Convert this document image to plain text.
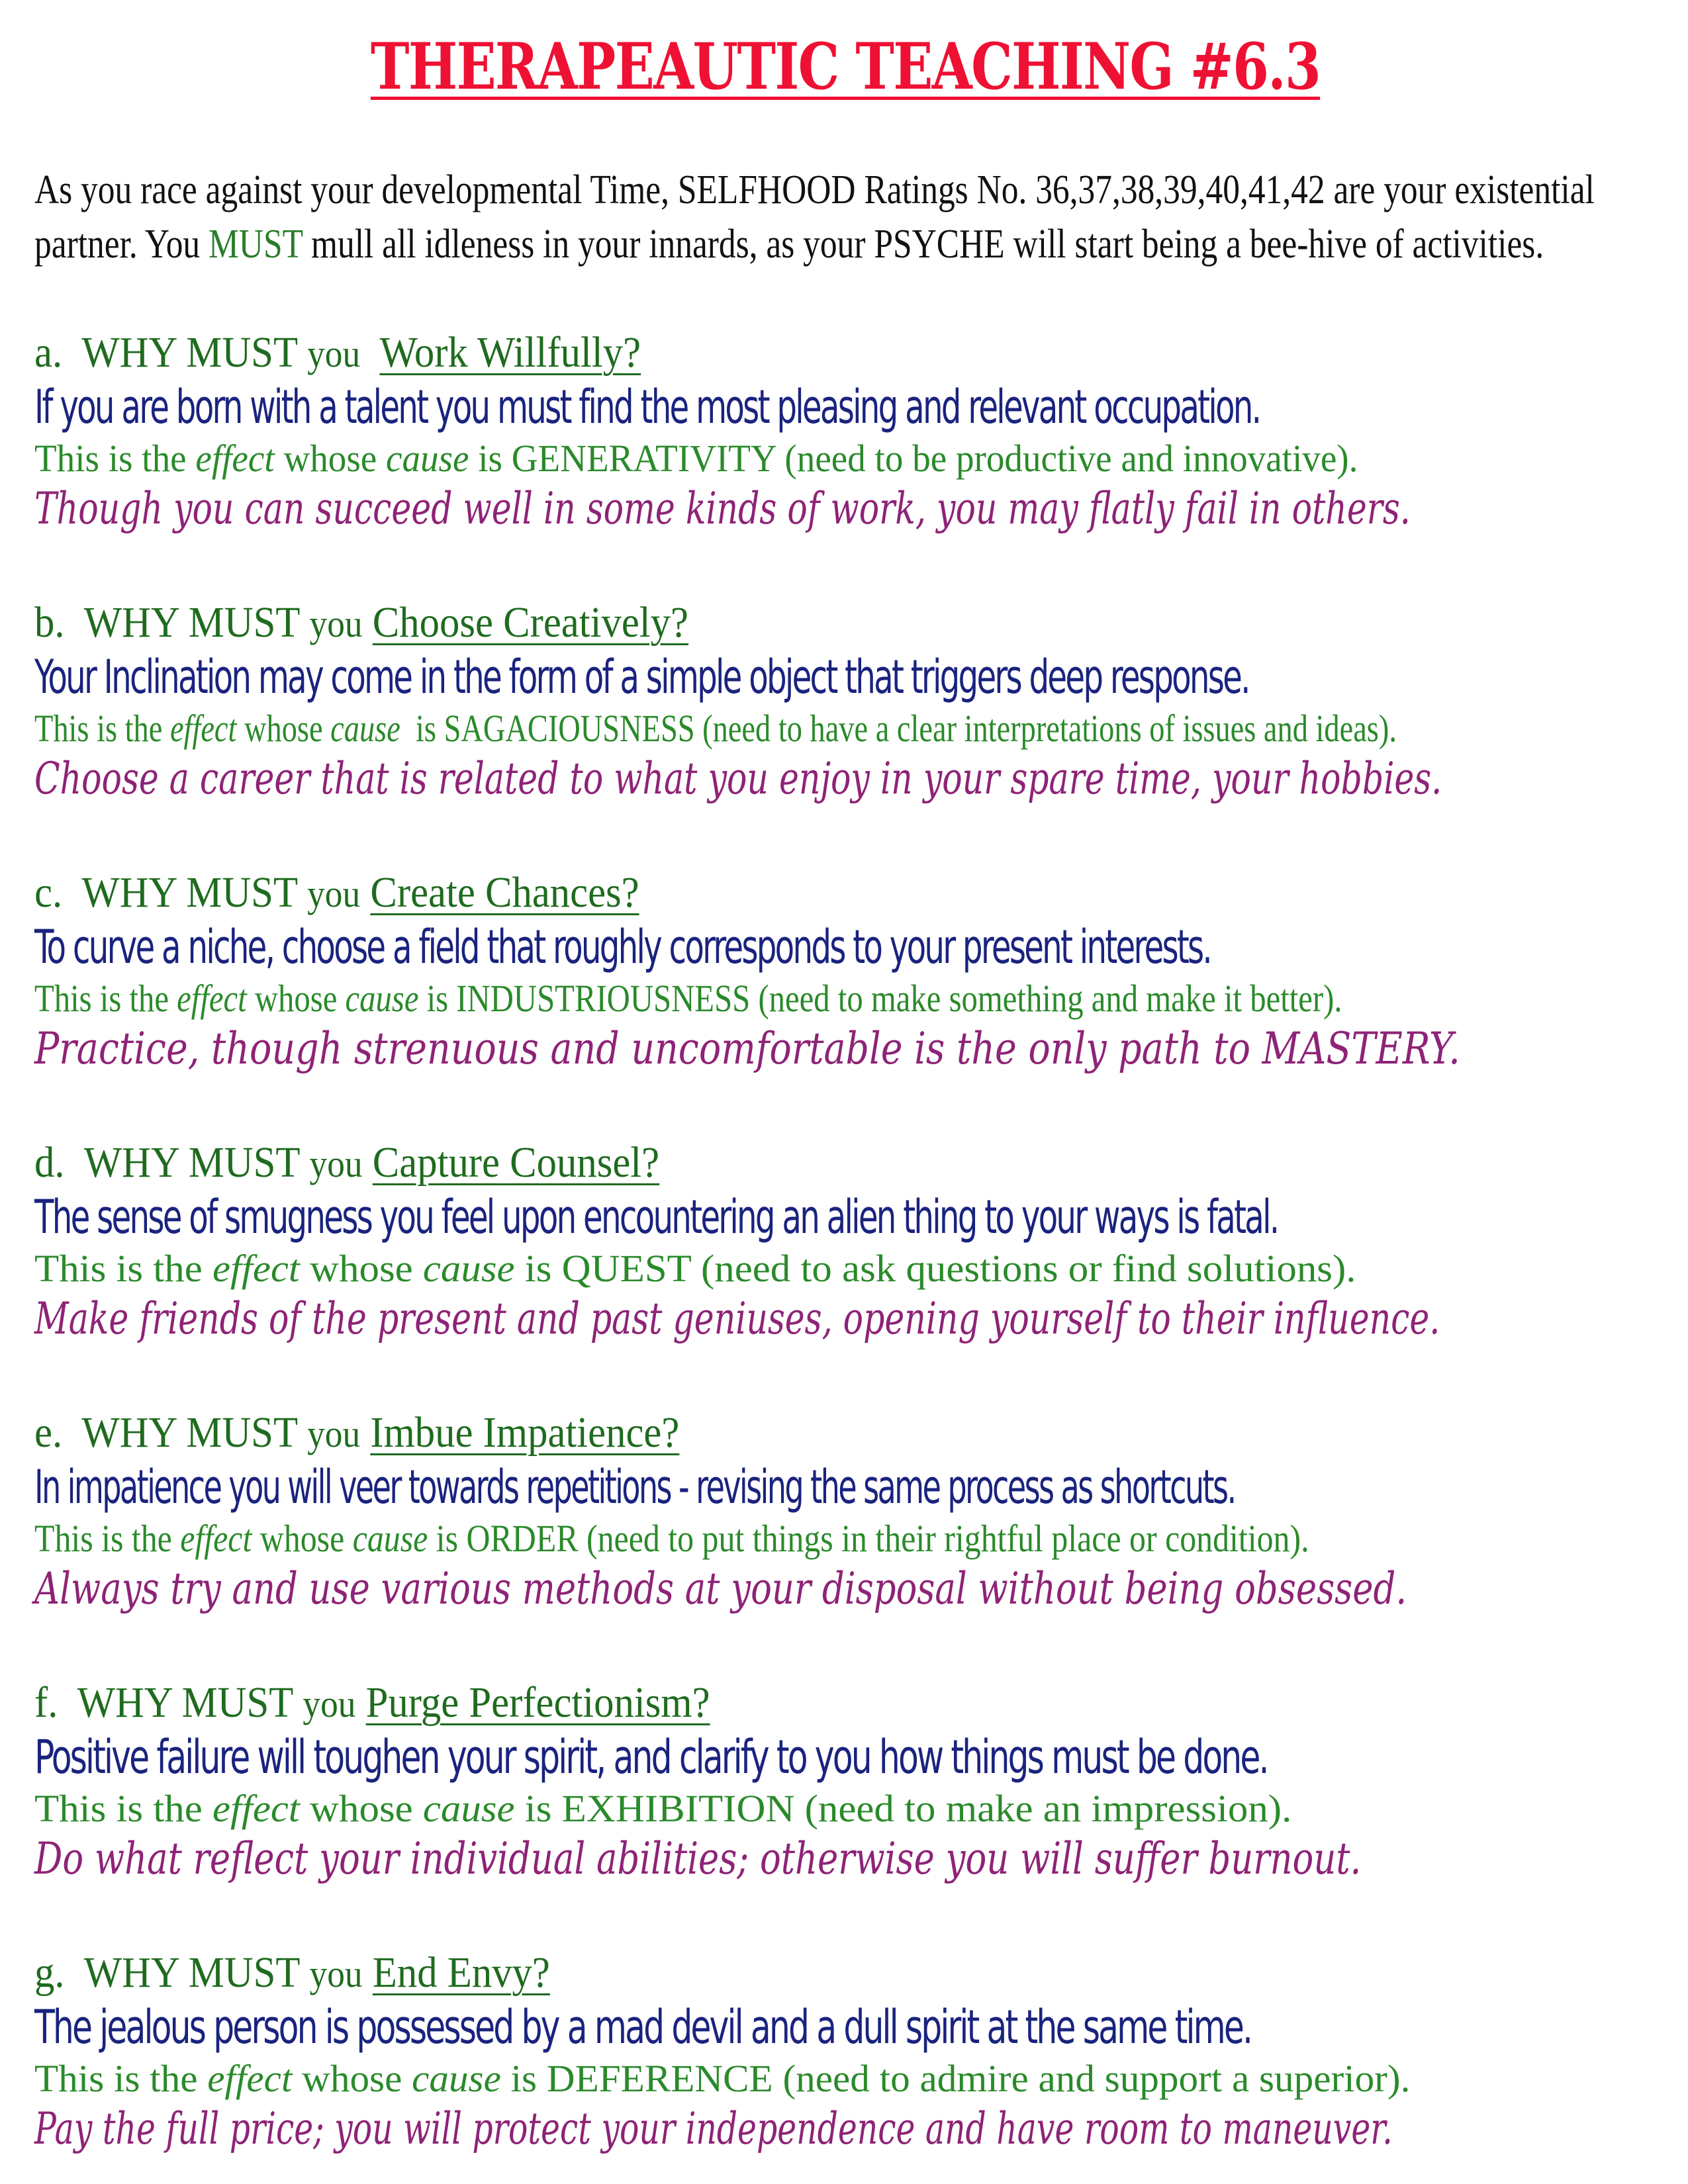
THERAPEAUTIC TEACHING #6.3
As you race against your developmental Time, SELFHOOD Ratings No. 36,37,38,39,40,41,42 are your existential partner. You MUST mull all idleness in your innards, as your PSYCHE will start being a bee-hive of activities.
a. WHY MUST you Work Willfully?
If you are born with a talent you must find the most pleasing and relevant occupation.
This is the effect whose cause is GENERATIVITY (need to be productive and innovative).
Though you can succeed well in some kinds of work, you may flatly fail in others.
b. WHY MUST you Choose Creatively?
Your Inclination may come in the form of a simple object that triggers deep response.
This is the effect whose cause is SAGACIOUSNESS (need to have a clear interpretations of issues and ideas).
Choose a career that is related to what you enjoy in your spare time, your hobbies.
c. WHY MUST you Create Chances?
To curve a niche, choose a field that roughly corresponds to your present interests.
This is the effect whose cause is INDUSTRIOUSNESS (need to make something and make it better).
Practice, though strenuous and uncomfortable is the only path to MASTERY.
d. WHY MUST you Capture Counsel?
The sense of smugness you feel upon encountering an alien thing to your ways is fatal.
This is the effect whose cause is QUEST (need to ask questions or find solutions).
Make friends of the present and past geniuses, opening yourself to their influence.
e. WHY MUST you Imbue Impatience?
In impatience you will veer towards repetitions - revising the same process as shortcuts.
This is the effect whose cause is ORDER (need to put things in their rightful place or condition).
Always try and use various methods at your disposal without being obsessed.
f. WHY MUST you Purge Perfectionism?
Positive failure will toughen your spirit, and clarify to you how things must be done.
This is the effect whose cause is EXHIBITION (need to make an impression).
Do what reflect your individual abilities; otherwise you will suffer burnout.
g. WHY MUST you End Envy?
The jealous person is possessed by a mad devil and a dull spirit at the same time.
This is the effect whose cause is DEFERENCE (need to admire and support a superior).
Pay the full price; you will protect your independence and have room to maneuver.
